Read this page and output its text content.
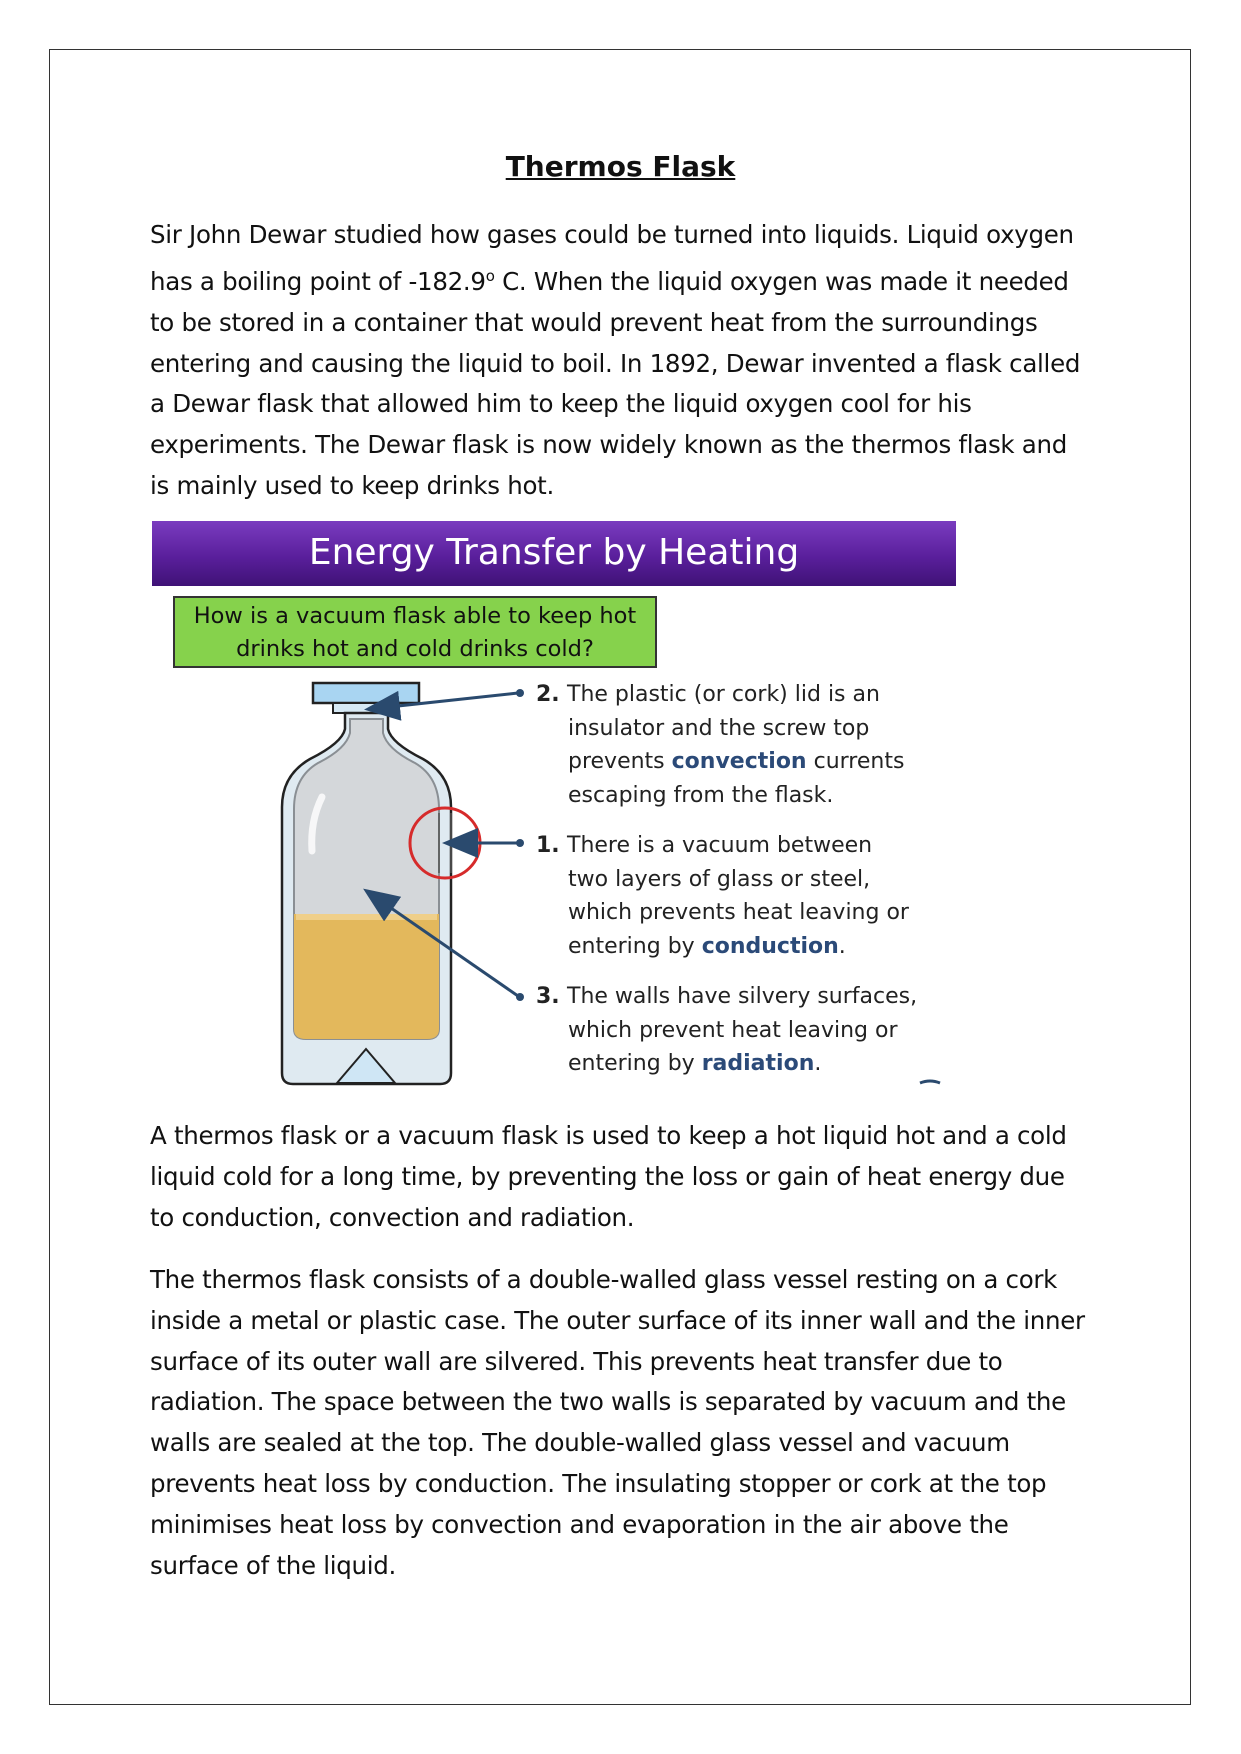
Thermos Flask

Sir John Dewar studied how gases could be turned into liquids. Liquid oxygen has a boiling point of -182.9$^o$ C. When the liquid oxygen was made it needed to be stored in a container that would prevent heat from the surroundings entering and causing the liquid to boil. In 1892, Dewar invented a flask called a Dewar flask that allowed him to keep the liquid oxygen cool for his experiments. The Dewar flask is now widely known as the thermos flask and is mainly used to keep drinks hot.

Energy Transfer by Heating
How is a vacuum flask able to keep hot
drinks hot and cold drinks cold?
2. The plastic (or cork) lid is an
insulator and the screw top
prevents convection currents
escaping from the flask.
1. There is a vacuum between
two layers of glass or steel,
which prevents heat leaving or
entering by conduction.
3. The walls have silvery surfaces,
which prevent heat leaving or
entering by radiation.

A thermos flask or a vacuum flask is used to keep a hot liquid hot and a cold liquid cold for a long time, by preventing the loss or gain of heat energy due to conduction, convection and radiation.

The thermos flask consists of a double-walled glass vessel resting on a cork inside a metal or plastic case. The outer surface of its inner wall and the inner surface of its outer wall are silvered. This prevents heat transfer due to radiation. The space between the two walls is separated by vacuum and the walls are sealed at the top. The double-walled glass vessel and vacuum prevents heat loss by conduction. The insulating stopper or cork at the top minimises heat loss by convection and evaporation in the air above the surface of the liquid.
